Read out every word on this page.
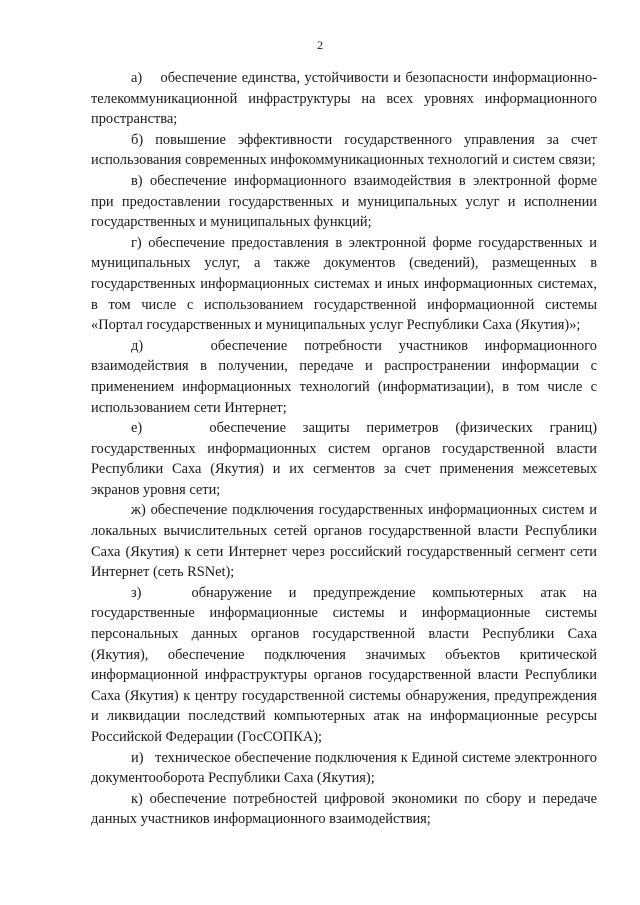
2

а)    обеспечение единства, устойчивости и безопасности информационно-телекоммуникационной инфраструктуры на всех уровнях информационного пространства;

б) повышение эффективности государственного управления за счет использования современных инфокоммуникационных технологий и систем связи;

в) обеспечение информационного взаимодействия в электронной форме при предоставлении государственных и муниципальных услуг и исполнении государственных и муниципальных функций;

г) обеспечение предоставления в электронной форме государственных и муниципальных услуг, а также документов (сведений), размещенных в государственных информационных системах и иных информационных системах, в том числе с использованием государственной информационной системы «Портал государственных и муниципальных услуг Республики Саха (Якутия)»;

д)    обеспечение потребности участников информационного взаимодействия в получении, передаче и распространении информации с применением информационных технологий (информатизации), в том числе с использованием сети Интернет;

е)    обеспечение защиты периметров (физических границ) государственных информационных систем органов государственной власти Республики Саха (Якутия) и их сегментов за счет применения межсетевых экранов уровня сети;

ж) обеспечение подключения государственных информационных систем и локальных вычислительных сетей органов государственной власти Республики Саха (Якутия) к сети Интернет через российский государственный сегмент сети Интернет (сеть RSNet);

з)   обнаружение и предупреждение компьютерных атак на государственные информационные системы и информационные системы персональных данных органов государственной власти Республики Саха (Якутия), обеспечение подключения значимых объектов критической информационной инфраструктуры органов государственной власти Республики Саха (Якутия) к центру государственной системы обнаружения, предупреждения и ликвидации последствий компьютерных атак на информационные ресурсы Российской Федерации (ГосСОПКА);

и)   техническое обеспечение подключения к Единой системе электронного документооборота Республики Саха (Якутия);

к) обеспечение потребностей цифровой экономики по сбору и передаче данных участников информационного взаимодействия;
